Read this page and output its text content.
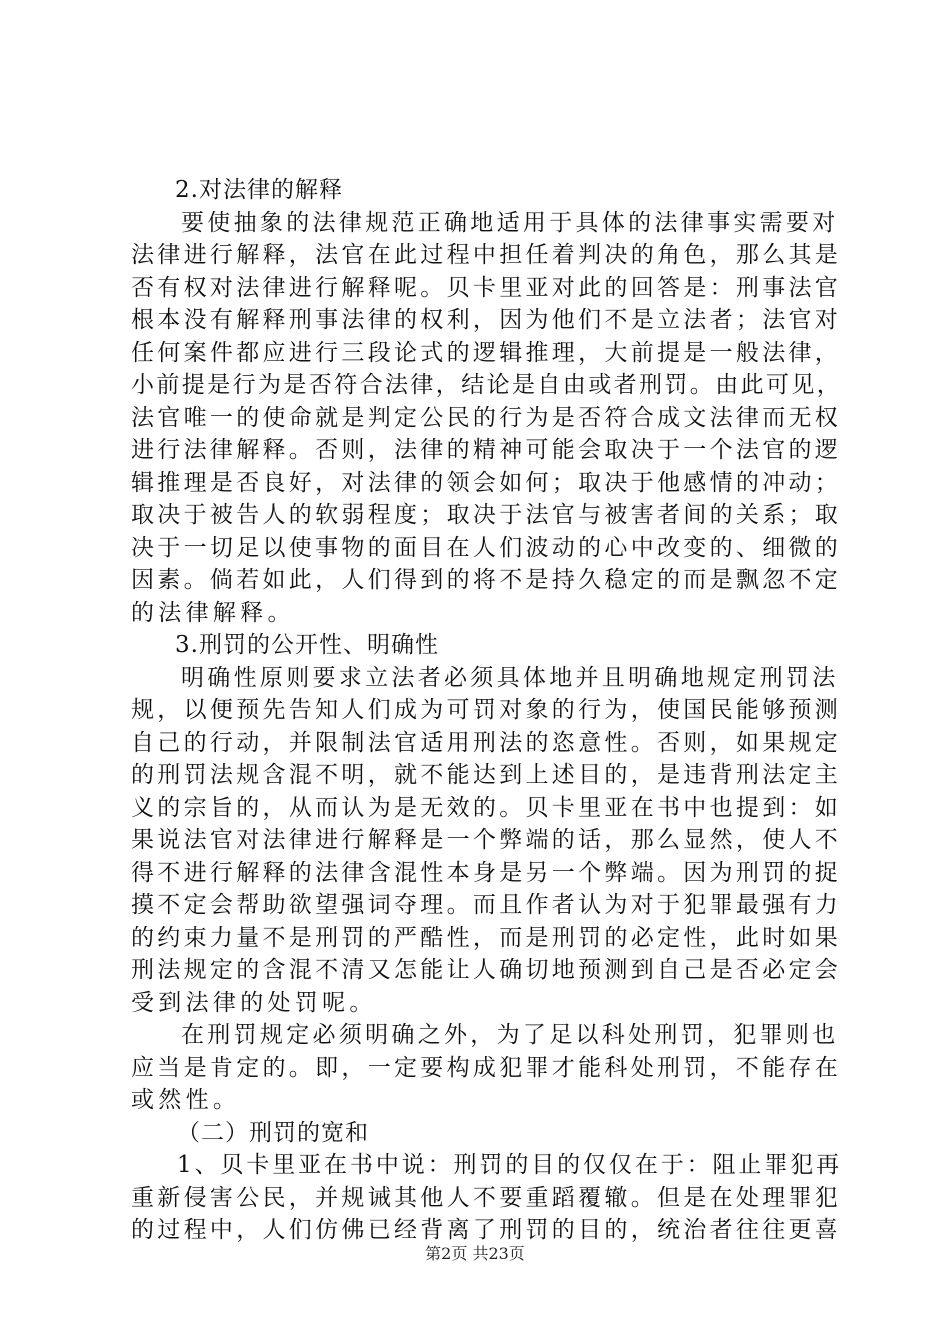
2.对法律的解释
要使抽象的法律规范正确地适用于具体的法律事实需要对
法律进行解释，法官在此过程中担任着判决的角色，那么其是
否有权对法律进行解释呢。贝卡里亚对此的回答是：刑事法官
根本没有解释刑事法律的权利，因为他们不是立法者；法官对
任何案件都应进行三段论式的逻辑推理，大前提是一般法律，
小前提是行为是否符合法律，结论是自由或者刑罚。由此可见，
法官唯一的使命就是判定公民的行为是否符合成文法律而无权
进行法律解释。否则，法律的精神可能会取决于一个法官的逻
辑推理是否良好，对法律的领会如何；取决于他感情的冲动；
取决于被告人的软弱程度；取决于法官与被害者间的关系；取
决于一切足以使事物的面目在人们波动的心中改变的、细微的
因素。倘若如此，人们得到的将不是持久稳定的而是飘忽不定
的法律解释。
3.刑罚的公开性、明确性
明确性原则要求立法者必须具体地并且明确地规定刑罚法
规，以便预先告知人们成为可罚对象的行为，使国民能够预测
自己的行动，并限制法官适用刑法的恣意性。否则，如果规定
的刑罚法规含混不明，就不能达到上述目的，是违背刑法定主
义的宗旨的，从而认为是无效的。贝卡里亚在书中也提到：如
果说法官对法律进行解释是一个弊端的话，那么显然，使人不
得不进行解释的法律含混性本身是另一个弊端。因为刑罚的捉
摸不定会帮助欲望强词夺理。而且作者认为对于犯罪最强有力
的约束力量不是刑罚的严酷性，而是刑罚的必定性，此时如果
刑法规定的含混不清又怎能让人确切地预测到自己是否必定会
受到法律的处罚呢。
在刑罚规定必须明确之外，为了足以科处刑罚，犯罪则也
应当是肯定的。即，一定要构成犯罪才能科处刑罚，不能存在
或然性。
（二）刑罚的宽和
1、贝卡里亚在书中说：刑罚的目的仅仅在于：阻止罪犯再
重新侵害公民，并规诫其他人不要重蹈覆辙。但是在处理罪犯
的过程中，人们仿佛已经背离了刑罚的目的，统治者往往更喜
第2页 共23页
